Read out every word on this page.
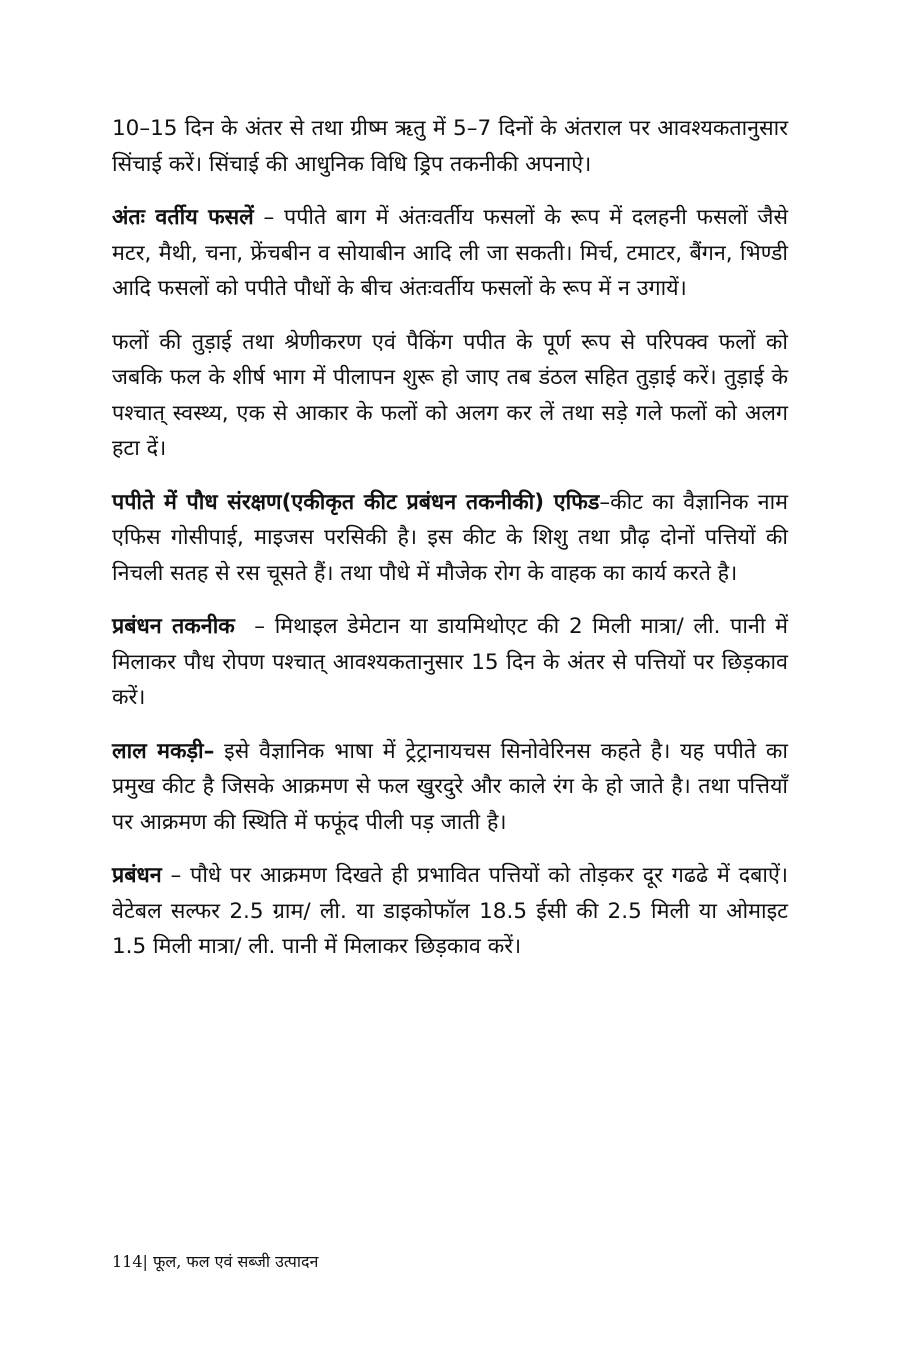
10–15 दिन के अंतर से तथा ग्रीष्म ऋतु में 5–7 दिनों के अंतराल पर आवश्यकतानुसार सिंचाई करें। सिंचाई की आधुनिक विधि ड्रिप तकनीकी अपनाऐ।

अंतः वर्तीय फसलें – पपीते बाग में अंतःवर्तीय फसलों के रूप में दलहनी फसलों जैसे मटर, मैथी, चना, फ्रेंचबीन व सोयाबीन आदि ली जा सकती। मिर्च, टमाटर, बैंगन, भिण्डी आदि फसलों को पपीते पौधों के बीच अंतःवर्तीय फसलों के रूप में न उगायें।

फलों की तुड़ाई तथा श्रेणीकरण एवं पैकिंग पपीत के पूर्ण रूप से परिपक्व फलों को जबकि फल के शीर्ष भाग में पीलापन शुरू हो जाए तब डंठल सहित तुड़ाई करें। तुड़ाई के पश्चात् स्वस्थ्य, एक से आकार के फलों को अलग कर लें तथा सड़े गले फलों को अलग हटा दें।

पपीते में पौध संरक्षण(एकीकृत कीट प्रबंधन तकनीकी) एफिड–कीट का वैज्ञानिक नाम एफिस गोसीपाई, माइजस परसिकी है। इस कीट के शिशु तथा प्रौढ़ दोनों पत्तियों की निचली सतह से रस चूसते हैं। तथा पौधे में मौजेक रोग के वाहक का कार्य करते है।

प्रबंधन तकनीक  – मिथाइल डेमेटान या डायमिथोएट की 2 मिली मात्रा/ ली. पानी में मिलाकर पौध रोपण पश्चात् आवश्यकतानुसार 15 दिन के अंतर से पत्तियों पर छिड़काव करें।

लाल मकड़ी– इसे वैज्ञानिक भाषा में ट्रेट्रानायचस सिनोवेरिनस कहते है। यह पपीते का प्रमुख कीट है जिसके आक्रमण से फल खुरदुरे और काले रंग के हो जाते है। तथा पत्तियाँ पर आक्रमण की स्थिति में फफूंद पीली पड़ जाती है।

प्रबंधन – पौधे पर आक्रमण दिखते ही प्रभावित पत्तियों को तोड़कर दूर गढढे में दबाऐं। वेटेबल सल्फर 2.5 ग्राम/ ली. या डाइकोफॉल 18.5 ईसी की 2.5 मिली या ओमाइट 1.5 मिली मात्रा/ ली. पानी में मिलाकर छिड़काव करें।

114| फूल, फल एवं सब्जी उत्पादन
